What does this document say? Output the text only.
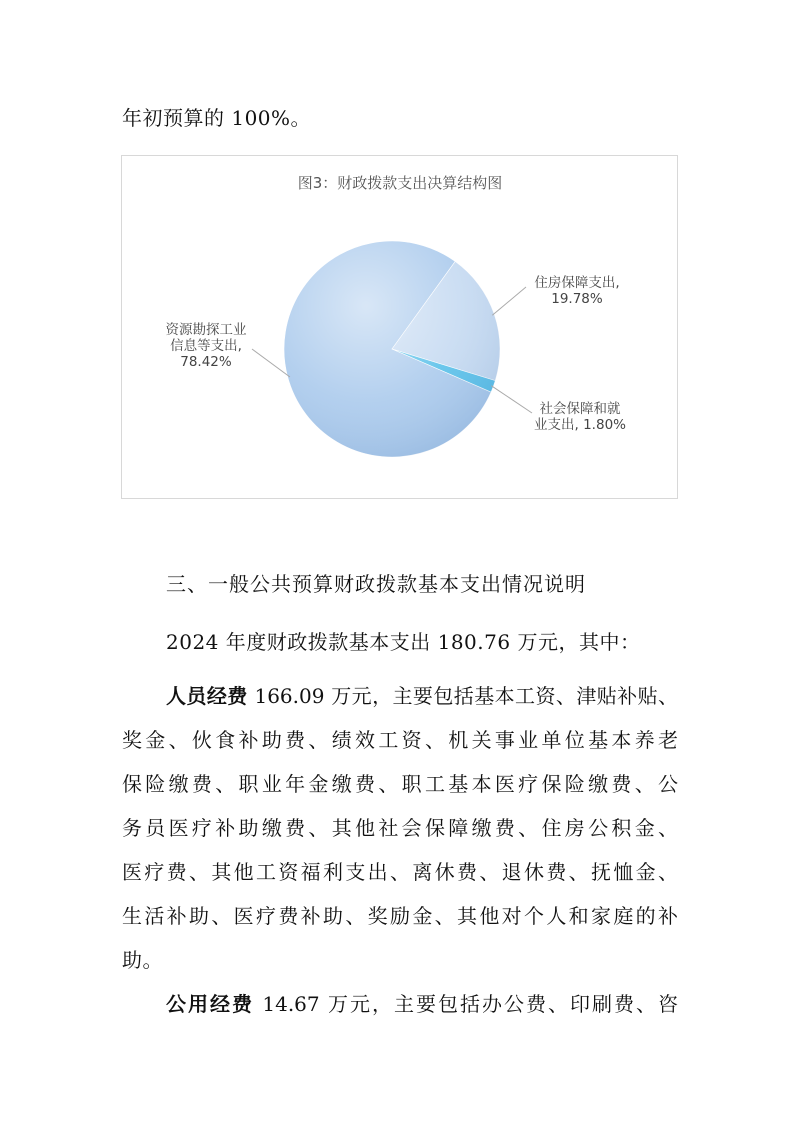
年初预算的 100%。
图3：财政拨款支出决算结构图
资源勘探工业信息等支出, 78.42%
住房保障支出, 19.78%
社会保障和就业支出, 1.80%
三、一般公共预算财政拨款基本支出情况说明
2024 年度财政拨款基本支出 180.76 万元，其中：
人员经费 166.09 万元，主要包括基本工资、津贴补贴、
奖金、伙食补助费、绩效工资、机关事业单位基本养老
保险缴费、职业年金缴费、职工基本医疗保险缴费、公
务员医疗补助缴费、其他社会保障缴费、住房公积金、
医疗费、其他工资福利支出、离休费、退休费、抚恤金、
生活补助、医疗费补助、奖励金、其他对个人和家庭的补
助。
公用经费 14.67 万元，主要包括办公费、印刷费、咨
